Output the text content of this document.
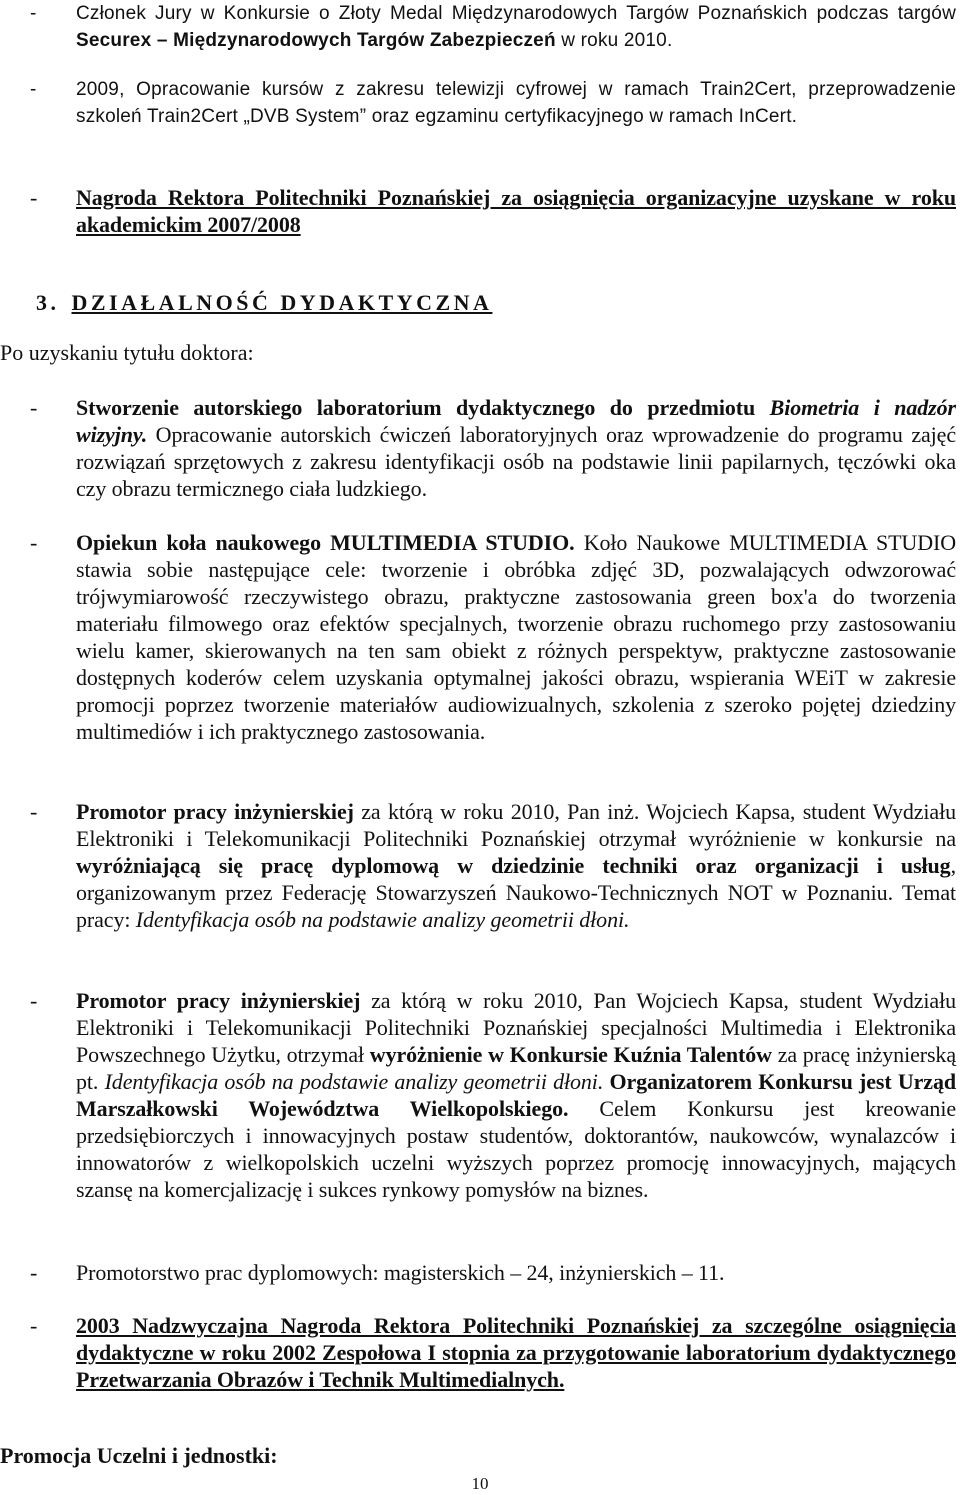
- Członek Jury w Konkursie o Złoty Medal Międzynarodowych Targów Poznańskich podczas targów Securex – Międzynarodowych Targów Zabezpieczeń w roku 2010.
- 2009, Opracowanie kursów z zakresu telewizji cyfrowej w ramach Train2Cert, przeprowadzenie szkoleń Train2Cert „DVB System” oraz egzaminu certyfikacyjnego w ramach InCert.
- Nagroda Rektora Politechniki Poznańskiej za osiągnięcia organizacyjne uzyskane w roku akademickim 2007/2008
3. DZIAŁALNOŚĆ DYDAKTYCZNA
Po uzyskaniu tytułu doktora:
- Stworzenie autorskiego laboratorium dydaktycznego do przedmiotu Biometria i nadzór wizyjny. Opracowanie autorskich ćwiczeń laboratoryjnych oraz wprowadzenie do programu zajęć rozwiązań sprzętowych z zakresu identyfikacji osób na podstawie linii papilarnych, tęczówki oka czy obrazu termicznego ciała ludzkiego.
- Opiekun koła naukowego MULTIMEDIA STUDIO. Koło Naukowe MULTIMEDIA STUDIO stawia sobie następujące cele: tworzenie i obróbka zdjęć 3D, pozwalających odwzorować trójwymiarowość rzeczywistego obrazu, praktyczne zastosowania green box'a do tworzenia materiału filmowego oraz efektów specjalnych, tworzenie obrazu ruchomego przy zastosowaniu wielu kamer, skierowanych na ten sam obiekt z różnych perspektyw, praktyczne zastosowanie dostępnych koderów celem uzyskania optymalnej jakości obrazu, wspierania WEiT w zakresie promocji poprzez tworzenie materiałów audiowizualnych, szkolenia z szeroko pojętej dziedziny multimediów i ich praktycznego zastosowania.
- Promotor pracy inżynierskiej za którą w roku 2010, Pan inż. Wojciech Kapsa, student Wydziału Elektroniki i Telekomunikacji Politechniki Poznańskiej otrzymał wyróżnienie w konkursie na wyróżniającą się pracę dyplomową w dziedzinie techniki oraz organizacji i usług, organizowanym przez Federację Stowarzyszeń Naukowo-Technicznych NOT w Poznaniu. Temat pracy: Identyfikacja osób na podstawie analizy geometrii dłoni.
- Promotor pracy inżynierskiej za którą w roku 2010, Pan Wojciech Kapsa, student Wydziału Elektroniki i Telekomunikacji Politechniki Poznańskiej specjalności Multimedia i Elektronika Powszechnego Użytku, otrzymał wyróżnienie w Konkursie Kuźnia Talentów za pracę inżynierską pt. Identyfikacja osób na podstawie analizy geometrii dłoni. Organizatorem Konkursu jest Urząd Marszałkowski Województwa Wielkopolskiego. Celem Konkursu jest kreowanie przedsiębiorczych i innowacyjnych postaw studentów, doktorantów, naukowców, wynalazców i innowatorów z wielkopolskich uczelni wyższych poprzez promocję innowacyjnych, mających szansę na komercjalizację i sukces rynkowy pomysłów na biznes.
- Promotorstwo prac dyplomowych: magisterskich – 24, inżynierskich – 11.
- 2003 Nadzwyczajna Nagroda Rektora Politechniki Poznańskiej za szczególne osiągnięcia dydaktyczne w roku 2002 Zespołowa I stopnia za przygotowanie laboratorium dydaktycznego Przetwarzania Obrazów i Technik Multimedialnych.
Promocja Uczelni i jednostki:
10
